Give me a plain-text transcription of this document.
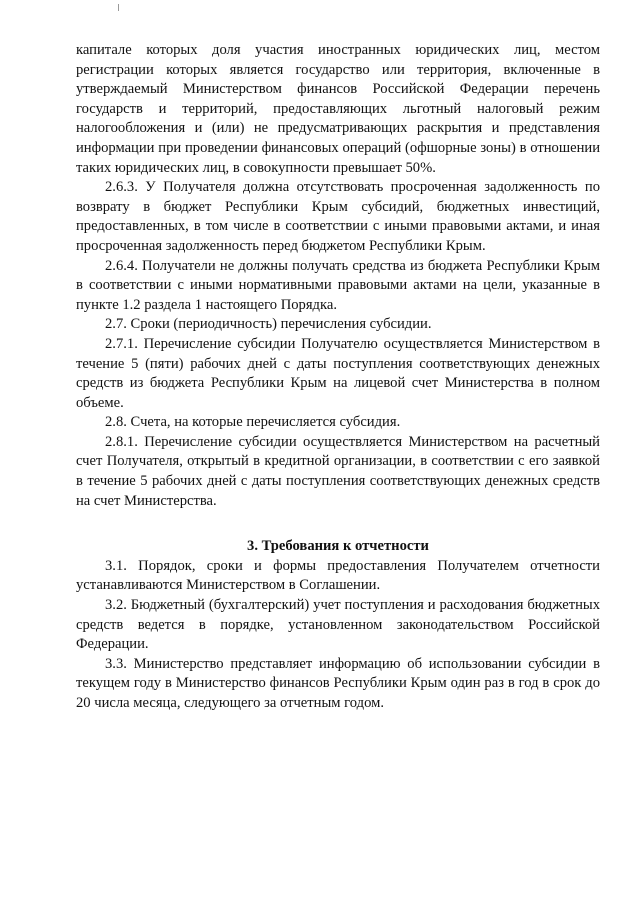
капитале которых доля участия иностранных юридических лиц, местом регистрации которых является государство или территория, включенные в утверждаемый Министерством финансов Российской Федерации перечень государств и территорий, предоставляющих льготный налоговый режим налогообложения и (или) не предусматривающих раскрытия и представления информации при проведении финансовых операций (офшорные зоны) в отношении таких юридических лиц, в совокупности превышает 50%.

2.6.3. У Получателя должна отсутствовать просроченная задолженность по возврату в бюджет Республики Крым субсидий, бюджетных инвестиций, предоставленных, в том числе в соответствии с иными правовыми актами, и иная просроченная задолженность перед бюджетом Республики Крым.

2.6.4. Получатели не должны получать средства из бюджета Республики Крым

в соответствии с иными нормативными правовыми актами на цели, указанные в пункте 1.2 раздела 1 настоящего Порядка.

2.7. Сроки (периодичность) перечисления субсидии.

2.7.1. Перечисление субсидии Получателю осуществляется Министерством в течение 5 (пяти) рабочих дней с даты поступления соответствующих денежных средств из бюджета Республики Крым на лицевой счет Министерства в полном объеме.

2.8. Счета, на которые перечисляется субсидия.

2.8.1. Перечисление субсидии осуществляется Министерством на расчетный счет Получателя, открытый в кредитной организации, в соответствии с его заявкой в течение 5 рабочих дней с даты поступления соответствующих денежных средств на счет Министерства.

3. Требования к отчетности

3.1. Порядок, сроки и формы предоставления Получателем отчетности устанавливаются Министерством в Соглашении.

3.2. Бюджетный (бухгалтерский) учет поступления и расходования бюджетных средств ведется в порядке, установленном законодательством Российской Федерации.

3.3. Министерство представляет информацию об использовании субсидии в текущем году в Министерство финансов Республики Крым один раз в год в срок до 20 числа месяца, следующего за отчетным годом.
